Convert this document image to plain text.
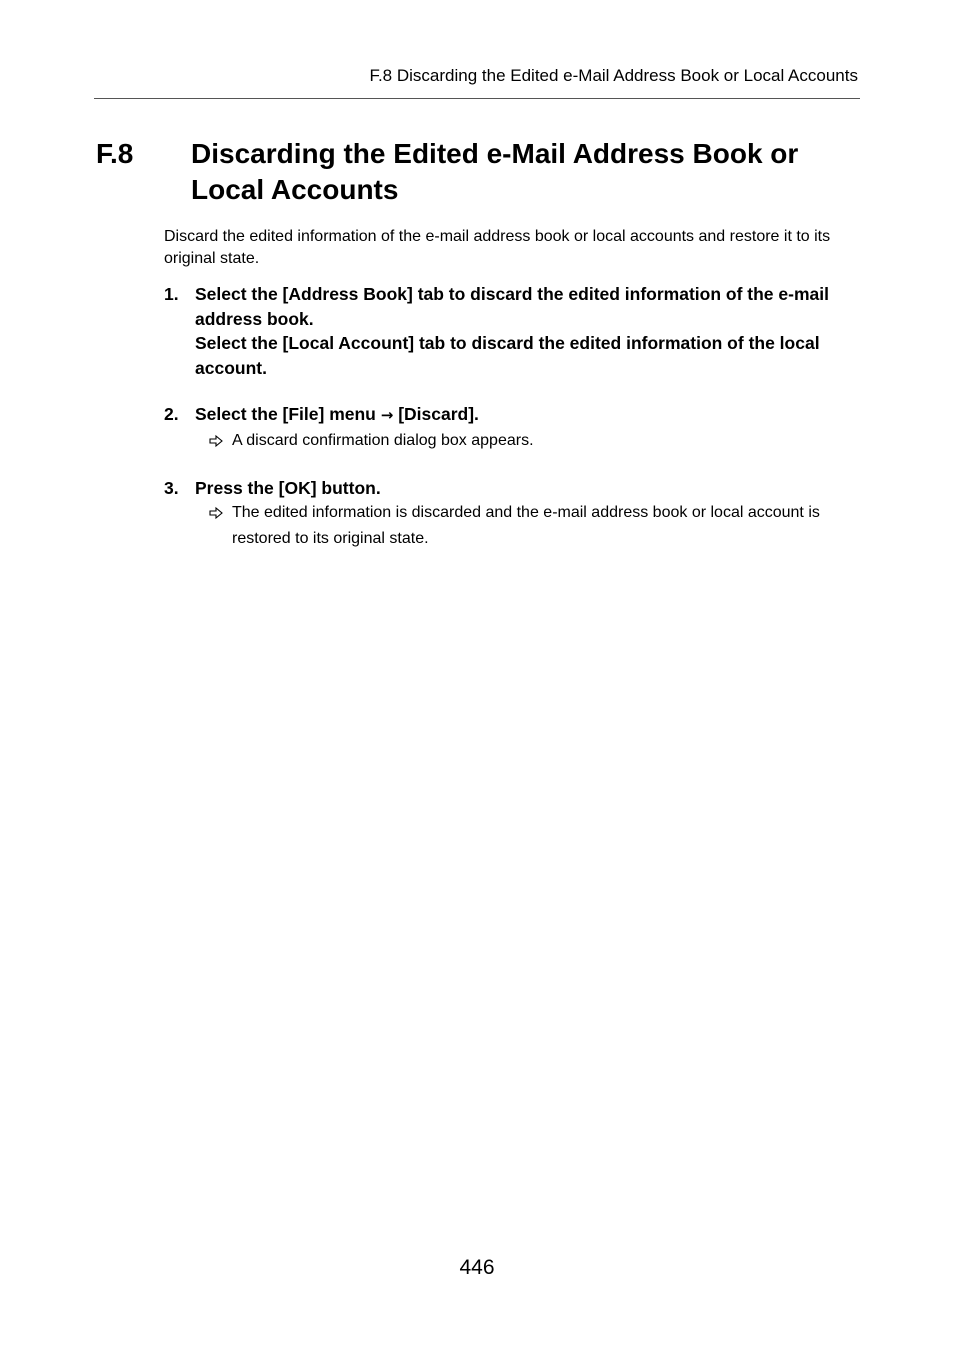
F.8 Discarding the Edited e-Mail Address Book or Local Accounts
F.8 Discarding the Edited e-Mail Address Book or Local Accounts

Discard the edited information of the e-mail address book or local accounts and restore it to its original state.

1. Select the [Address Book] tab to discard the edited information of the e-mail address book.
Select the [Local Account] tab to discard the edited information of the local account.
2. Select the [File] menu → [Discard].
A discard confirmation dialog box appears.
3. Press the [OK] button.
The edited information is discarded and the e-mail address book or local account is restored to its original state.
446
